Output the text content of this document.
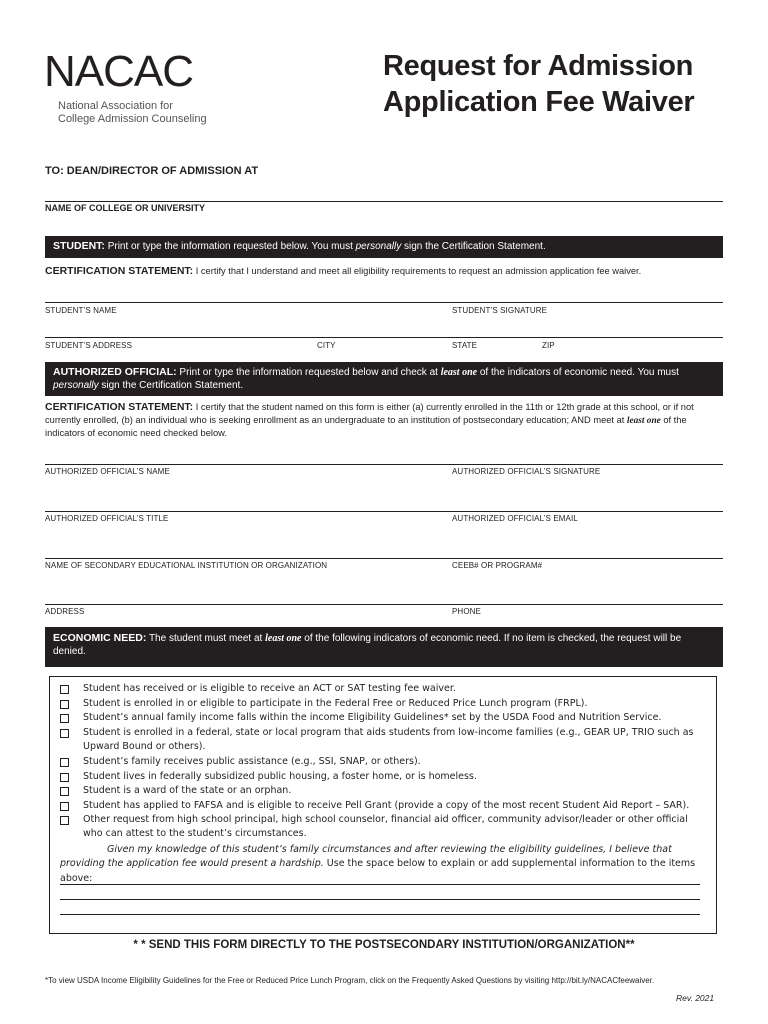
NACAC
National Association for
College Admission Counseling
Request for Admission
Application Fee Waiver
TO: DEAN/DIRECTOR OF ADMISSION AT
NAME OF COLLEGE OR UNIVERSITY
STUDENT: Print or type the information requested below. You must personally sign the Certification Statement.
CERTIFICATION STATEMENT: I certify that I understand and meet all eligibility requirements to request an admission application fee waiver.
STUDENT’S NAME	STUDENT’S SIGNATURE
STUDENT’S ADDRESS	CITY	STATE	ZIP
AUTHORIZED OFFICIAL: Print or type the information requested below and check at least one of the indicators of economic need. You must
personally sign the Certification Statement.
CERTIFICATION STATEMENT: I certify that the student named on this form is either (a) currently enrolled in the 11th or 12th grade at this school, or if not currently enrolled, (b) an individual who is seeking enrollment as an undergraduate to an institution of postsecondary education; AND meet at least one of the indicators of economic need checked below.
AUTHORIZED OFFICIAL’S NAME	AUTHORIZED OFFICIAL’S SIGNATURE
AUTHORIZED OFFICIAL’S TITLE	AUTHORIZED OFFICIAL’S EMAIL
NAME OF SECONDARY EDUCATIONAL INSTITUTION OR ORGANIZATION	CEEB# OR PROGRAM#
ADDRESS	PHONE
ECONOMIC NEED: The student must meet at least one of the following indicators of economic need. If no item is checked, the request will be denied.
Student has received or is eligible to receive an ACT or SAT testing fee waiver.
Student is enrolled in or eligible to participate in the Federal Free or Reduced Price Lunch program (FRPL).
Student’s annual family income falls within the income Eligibility Guidelines* set by the USDA Food and Nutrition Service.
Student is enrolled in a federal, state or local program that aids students from low-income families (e.g., GEAR UP, TRIO such as Upward Bound or others).
Student’s family receives public assistance (e.g., SSI, SNAP, or others).
Student lives in federally subsidized public housing, a foster home, or is homeless.
Student is a ward of the state or an orphan.
Student has applied to FAFSA and is eligible to receive Pell Grant (provide a copy of the most recent Student Aid Report – SAR).
Other request from high school principal, high school counselor, financial aid officer, community advisor/leader or other official who can attest to the student’s circumstances.
Given my knowledge of this student’s family circumstances and after reviewing the eligibility guidelines, I believe that providing the application fee would present a hardship. Use the space below to explain or add supplemental information to the items above:
* * SEND THIS FORM DIRECTLY TO THE POSTSECONDARY INSTITUTION/ORGANIZATION**
*To view USDA Income Eligibility Guidelines for the Free or Reduced Price Lunch Program, click on the Frequently Asked Questions by visiting http://bit.ly/NACACfeewaiver.
Rev. 2021
